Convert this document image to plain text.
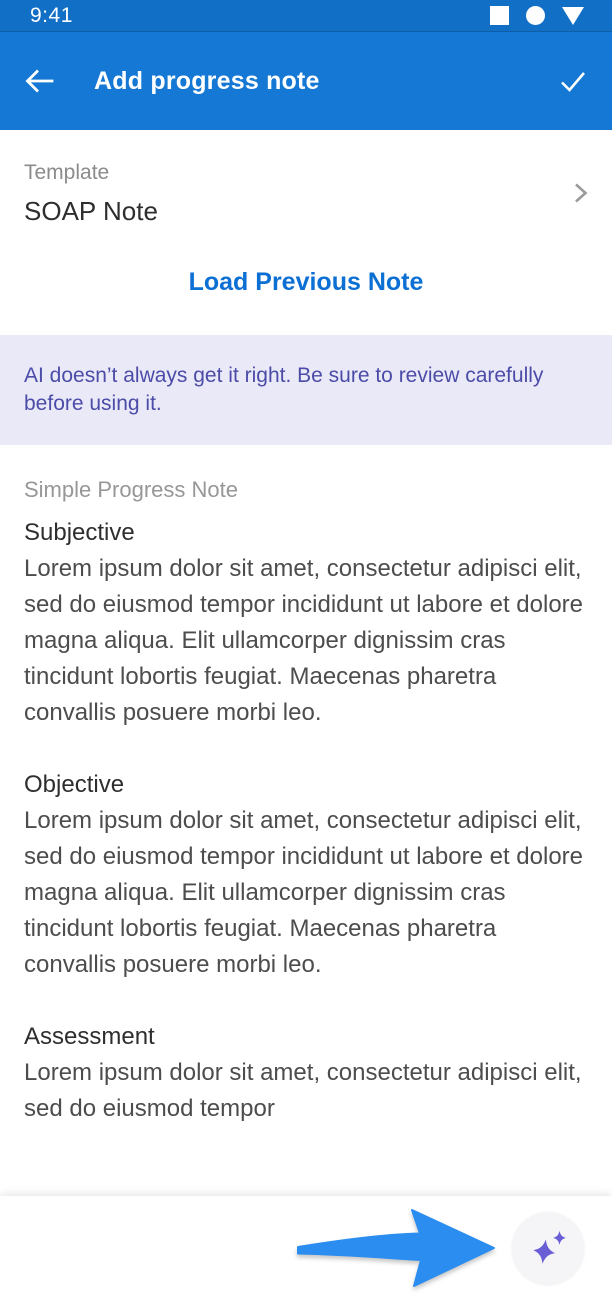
9:41
Add progress note
Template
SOAP Note
Load Previous Note
AI doesn’t always get it right. Be sure to review carefully before using it.
Simple Progress Note
Subjective
Lorem ipsum dolor sit amet, consectetur adipisci elit, sed do eiusmod tempor incididunt ut labore et dolore magna aliqua. Elit ullamcorper dignissim cras tincidunt lobortis feugiat. Maecenas pharetra convallis posuere morbi leo.
Objective
Lorem ipsum dolor sit amet, consectetur adipisci elit, sed do eiusmod tempor incididunt ut labore et dolore magna aliqua. Elit ullamcorper dignissim cras tincidunt lobortis feugiat. Maecenas pharetra convallis posuere morbi leo.
Assessment
Lorem ipsum dolor sit amet, consectetur adipisci elit, sed do eiusmod tempor
